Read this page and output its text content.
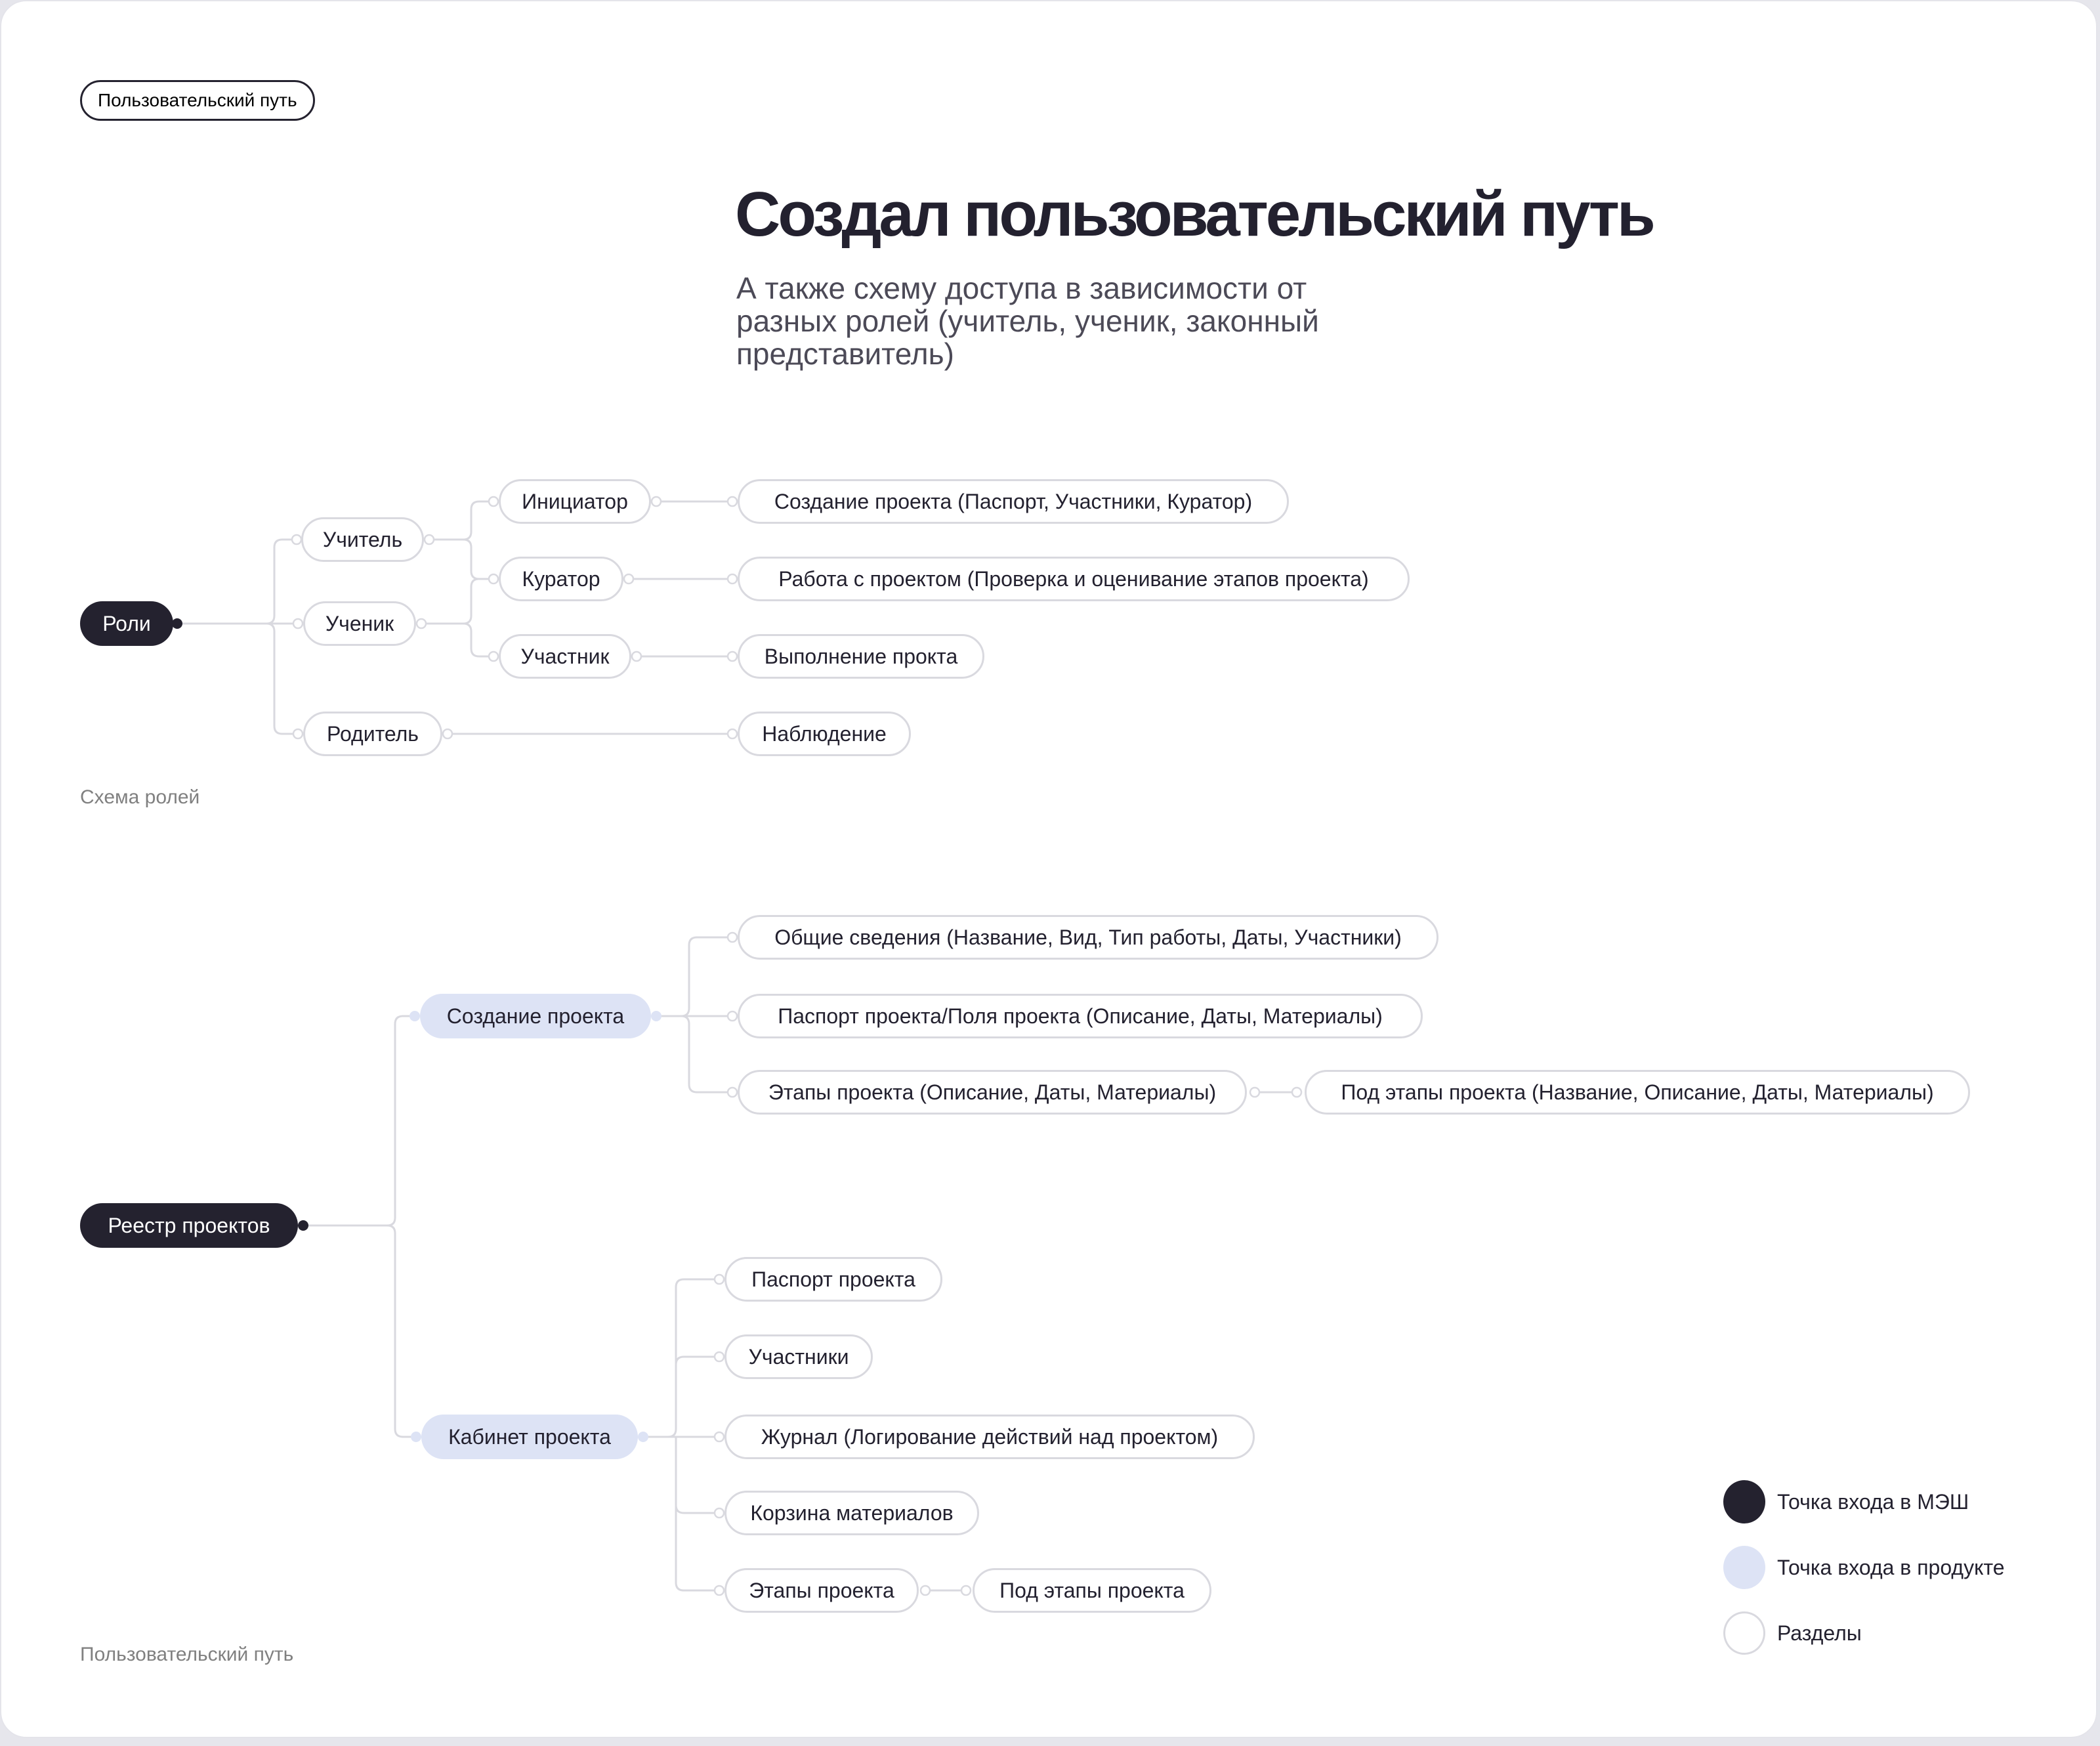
Пользовательский путь
Создал пользовательский путь

А также схему доступа в зависимости от разных ролей (учитель, ученик, законный представитель)

Роли
Учитель
Ученик
Родитель
Инициатор
Куратор
Участник
Создание проекта (Паспорт, Участники, Куратор)
Работа с проектом (Проверка и оценивание этапов проекта)
Выполнение прокта
Наблюдение
Схема ролей
Реестр проектов
Создание проекта
Общие сведения (Название, Вид, Тип работы, Даты, Участники)
Паспорт проекта/Поля проекта (Описание, Даты, Материалы)
Этапы проекта (Описание, Даты, Материалы)	Под этапы проекта (Название, Описание, Даты, Материалы)
Кабинет проекта
Паспорт проекта
Участники
Журнал (Логирование действий над проектом)
Корзина материалов
Этапы проекта	Под этапы проекта
Пользовательский путь
Точка входа в МЭШ
Точка входа в продукте
Разделы
